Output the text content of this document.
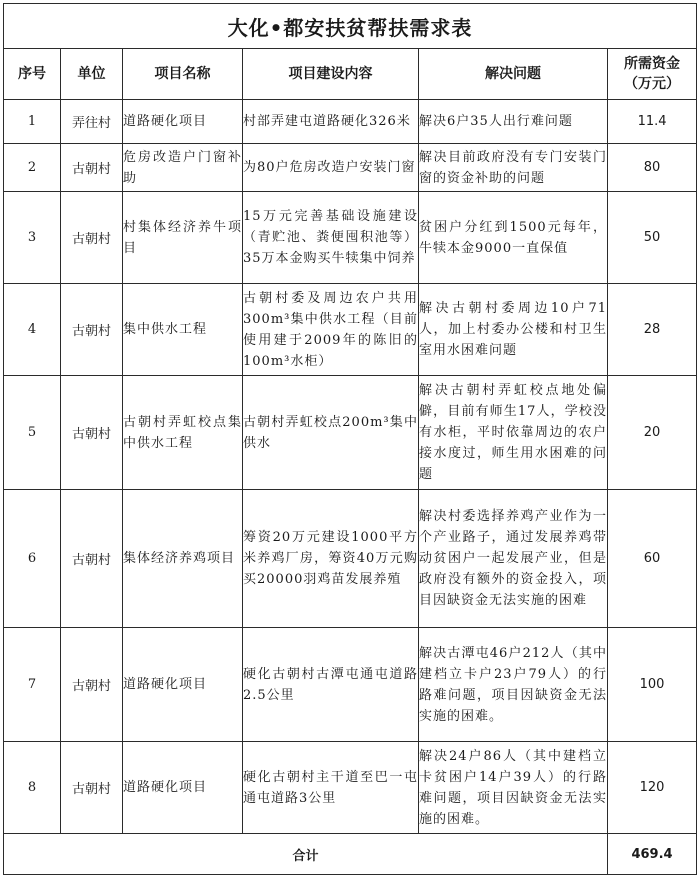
大化•都安扶贫帮扶需求表					
序号	单位	项目名称	项目建设内容	解决问题	所需资金（万元）
1	弄往村	道路硬化项目	村部弄建屯道路硬化326米	解决6户35人出行难问题	11.4
2	古朝村	危房改造户门窗补助	为80户危房改造户安装门窗	解决目前政府没有专门安装门窗的资金补助的问题	80
3	古朝村	村集体经济养牛项目	15万元完善基础设施建设（青贮池、粪便囤积池等）35万本金购买牛犊集中饲养	贫困户分红到1500元每年，牛犊本金9000一直保值	50
4	古朝村	集中供水工程	古朝村委及周边农户共用300m³集中供水工程（目前使用建于2009年的陈旧的100m³水柜）	解决古朝村委周边10户71人，加上村委办公楼和村卫生室用水困难问题	28
5	古朝村	古朝村弄虹校点集中供水工程	古朝村弄虹校点200m³集中供水	解决古朝村弄虹校点地处偏僻，目前有师生17人，学校没有水柜，平时依靠周边的农户接水度过，师生用水困难的问题	20
6	古朝村	集体经济养鸡项目	筹资20万元建设1000平方米养鸡厂房，筹资40万元购买20000羽鸡苗发展养殖	解决村委选择养鸡产业作为一个产业路子，通过发展养鸡带动贫困户一起发展产业，但是政府没有额外的资金投入，项目因缺资金无法实施的困难	60
7	古朝村	道路硬化项目	硬化古朝村古潭屯通屯道路2.5公里	解决古潭屯46户212人（其中建档立卡户23户79人）的行路难问题，项目因缺资金无法实施的困难。	100
8	古朝村	道路硬化项目	硬化古朝村主干道至巴一屯通屯道路3公里	解决24户86人（其中建档立卡贫困户14户39人）的行路难问题，项目因缺资金无法实施的困难。	120
合计					469.4
